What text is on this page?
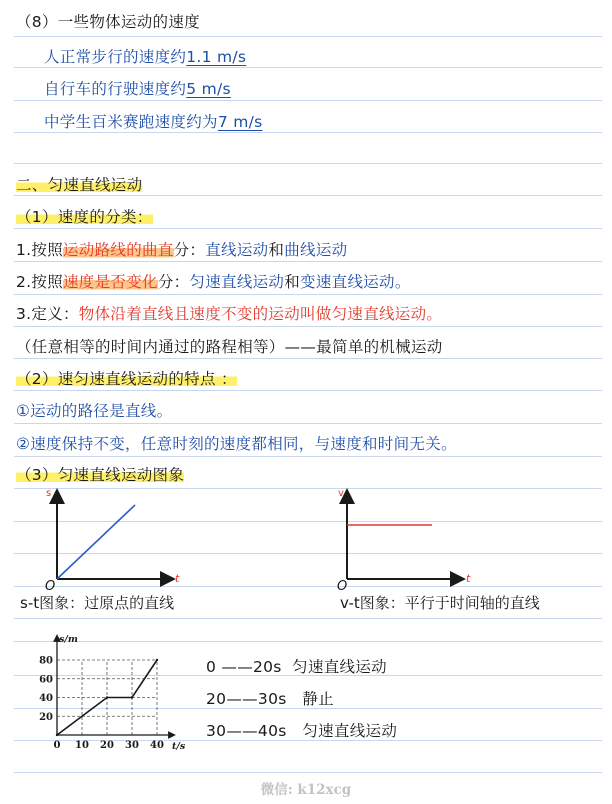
（8）一些物体运动的速度
人正常步行的速度约1.1 m/s
自行车的行驶速度约5 m/s
中学生百米赛跑速度约为7 m/s
二、匀速直线运动
（1）速度的分类：
1.按照运动路线的曲直分：直线运动和曲线运动
2.按照速度是否变化分：匀速直线运动和变速直线运动。
3.定义：物体沿着直线且速度不变的运动叫做匀速直线运动。
（任意相等的时间内通过的路程相等）——最简单的机械运动
（2）速匀速直线运动的特点 ：
①运动的路径是直线。
②速度保持不变，任意时刻的速度都相同，与速度和时间无关。
（3）匀速直线运动图象
s
t
O
s-t图象：过原点的直线
v
t
O
v-t图象：平行于时间轴的直线
0 10 20 30 40
20
40
60
80
s/m
t/s
0 ——20s 匀速直线运动
20——30s 静止
30——40s 匀速直线运动
微信: k12xcg
